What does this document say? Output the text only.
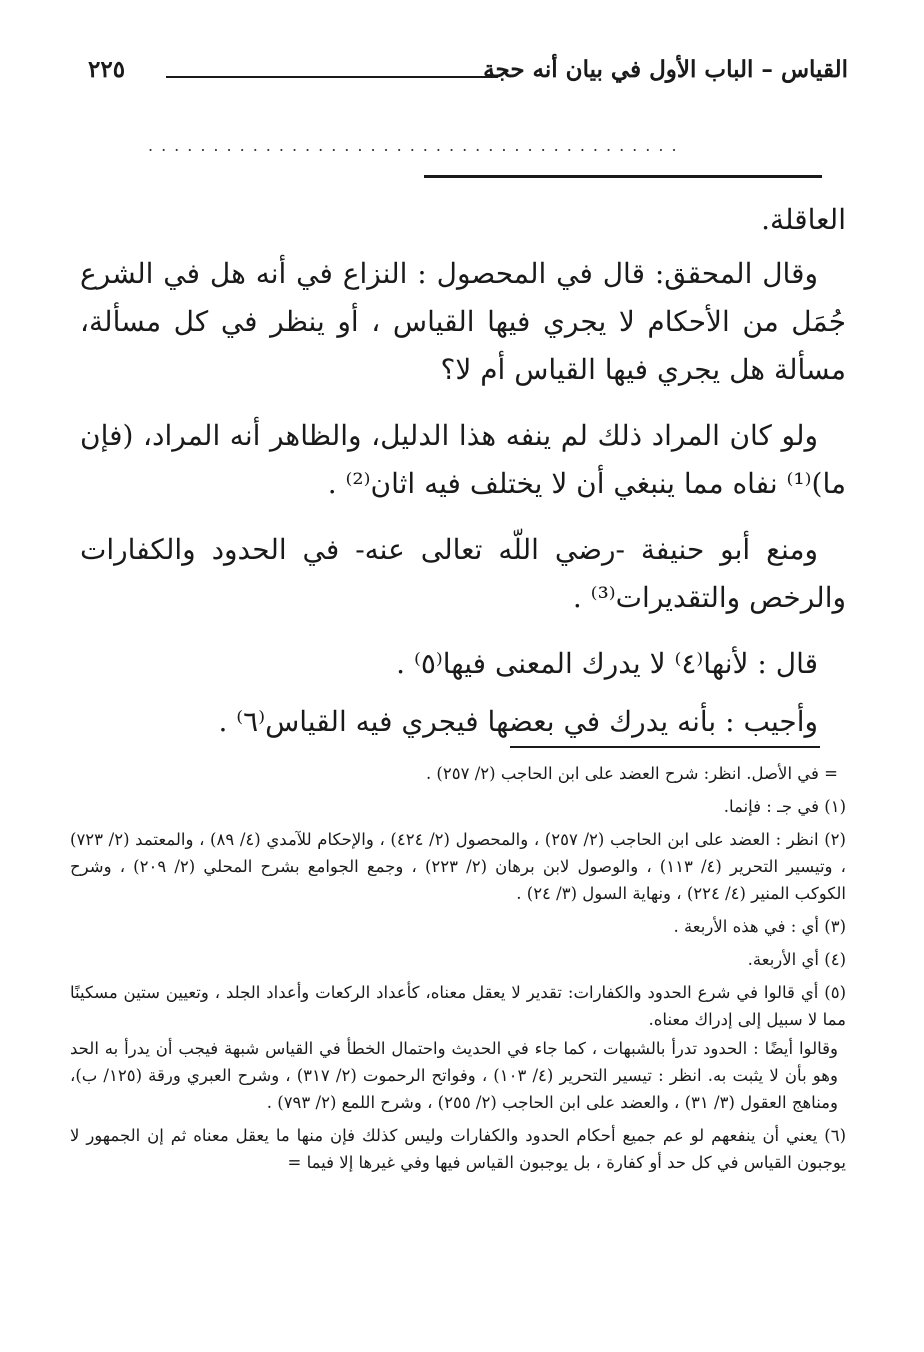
القياس – الباب الأول في بيان أنه حجة
٢٢٥
.........................................

العاقلة.

وقال المحقق: قال في المحصول : النزاع في أنه هل في الشرع جُمَل من الأحكام لا يجري فيها القياس ، أو ينظر في كل مسألة، مسألة هل يجري فيها القياس أم لا؟

ولو كان المراد ذلك لم ينفه هذا الدليل، والظاهر أنه المراد، (فإن ما)⁽¹⁾ نفاه مما ينبغي أن لا يختلف فيه اثان⁽²⁾ .

ومنع أبو حنيفة -رضي اللّه تعالى عنه- في الحدود والكفارات والرخص والتقديرات⁽³⁾ .

قال : لأنها⁽٤⁾ لا يدرك المعنى فيها⁽٥⁾ .

وأجيب : بأنه يدرك في بعضها فيجري فيه القياس⁽٦⁾ .

= في الأصل. انظر: شرح العضد على ابن الحاجب (٢/ ٢٥٧) .

(١) في جـ : فإنما.

(٢) انظر : العضد على ابن الحاجب (٢/ ٢٥٧) ، والمحصول (٢/ ٤٢٤) ، والإحكام للآمدي (٤/ ٨٩) ، والمعتمد (٢/ ٧٢٣) ، وتيسير التحرير (٤/ ١١٣) ، والوصول لابن برهان (٢/ ٢٢٣) ، وجمع الجوامع بشرح المحلي (٢/ ٢٠٩) ، وشرح الكوكب المنير (٤/ ٢٢٤) ، ونهاية السول (٣/ ٢٤) .

(٣) أي : في هذه الأربعة .

(٤) أي الأربعة.

(٥) أي قالوا في شرع الحدود والكفارات: تقدير لا يعقل معناه، كأعداد الركعات وأعداد الجلد ، وتعيين ستين مسكينًا مما لا سبيل إلى إدراك معناه.

وقالوا أيضًا : الحدود تدرأ بالشبهات ، كما جاء في الحديث واحتمال الخطأ في القياس شبهة فيجب أن يدرأ به الحد وهو بأن لا يثبت به. انظر : تيسير التحرير (٤/ ١٠٣) ، وفواتح الرحموت (٢/ ٣١٧) ، وشرح العبري ورقة (١٢٥/ ب)، ومناهج العقول (٣/ ٣١) ، والعضد على ابن الحاجب (٢/ ٢٥٥) ، وشرح اللمع (٢/ ٧٩٣) .

(٦) يعني أن ينفعهم لو عم جميع أحكام الحدود والكفارات وليس كذلك فإن منها ما يعقل معناه ثم إن الجمهور لا يوجبون القياس في كل حد أو كفارة ، بل يوجبون القياس فيها وفي غيرها إلا فيما =
